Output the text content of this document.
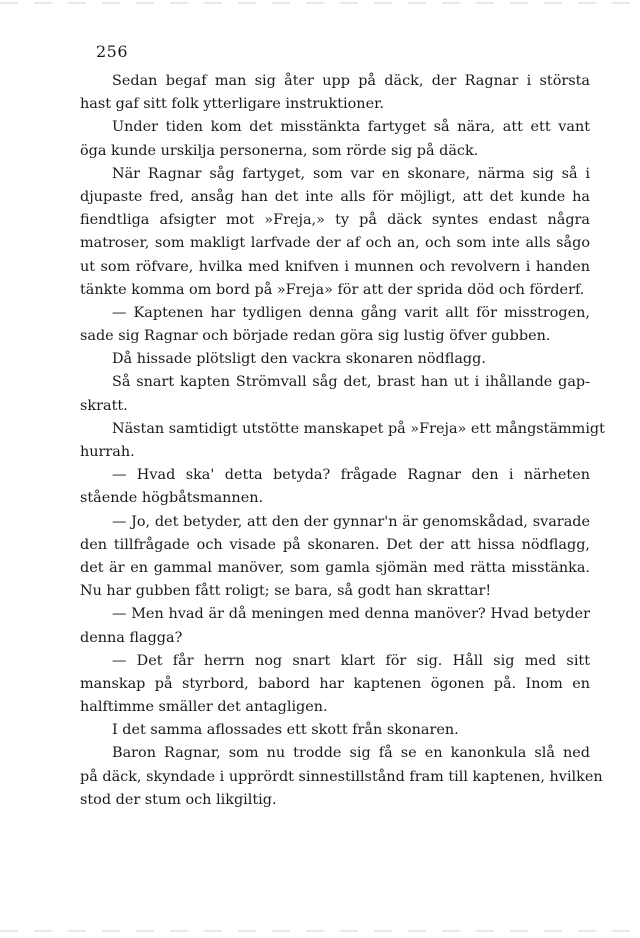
256
Sedan begaf man sig åter upp på däck, der Ragnar i största
hast gaf sitt folk ytterligare instruktioner.
Under tiden kom det misstänkta fartyget så nära, att ett vant
öga kunde urskilja personerna, som rörde sig på däck.
När Ragnar såg fartyget, som var en skonare, närma sig så i
djupaste fred, ansåg han det inte alls för möjligt, att det kunde ha
fiendtliga afsigter mot »Freja,» ty på däck syntes endast några
matroser, som makligt larfvade der af och an, och som inte alls sågo
ut som röfvare, hvilka med knifven i munnen och revolvern i handen
tänkte komma om bord på »Freja» för att der sprida död och förderf.
— Kaptenen har tydligen denna gång varit allt för misstrogen,
sade sig Ragnar och började redan göra sig lustig öfver gubben.
Då hissade plötsligt den vackra skonaren nödflagg.
Så snart kapten Strömvall såg det, brast han ut i ihållande gap-
skratt.
Nästan samtidigt utstötte manskapet på »Freja» ett mångstämmigt
hurrah.
— Hvad ska' detta betyda? frågade Ragnar den i närheten
stående högbåtsmannen.
— Jo, det betyder, att den der gynnar'n är genomskådad, svarade
den tillfrågade och visade på skonaren. Det der att hissa nödflagg,
det är en gammal manöver, som gamla sjömän med rätta misstänka.
Nu har gubben fått roligt; se bara, så godt han skrattar!
— Men hvad är då meningen med denna manöver? Hvad betyder
denna flagga?
— Det får herrn nog snart klart för sig. Håll sig med sitt
manskap på styrbord, babord har kaptenen ögonen på. Inom en
halftimme smäller det antagligen.
I det samma aflossades ett skott från skonaren.
Baron Ragnar, som nu trodde sig få se en kanonkula slå ned
på däck, skyndade i upprördt sinnestillstånd fram till kaptenen, hvilken
stod der stum och likgiltig.
